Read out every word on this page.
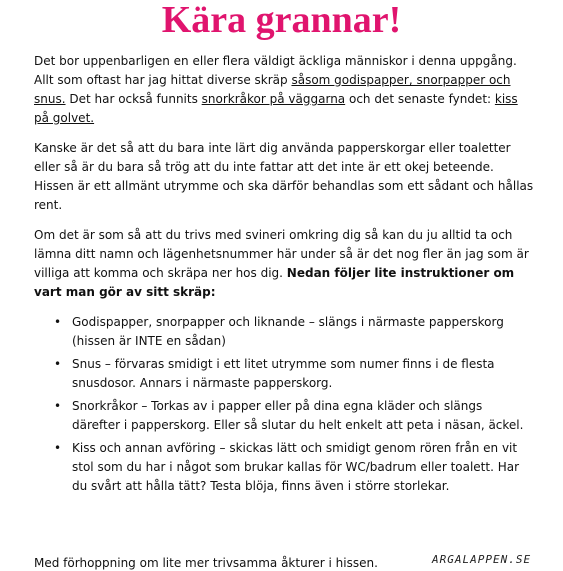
Kära grannar!

Det bor uppenbarligen en eller flera väldigt äckliga människor i denna uppgång. Allt som oftast har jag hittat diverse skräp såsom godispapper, snorpapper och snus. Det har också funnits snorkråkor på väggarna och det senaste fyndet: kiss på golvet.

Kanske är det så att du bara inte lärt dig använda papperskorgar eller toaletter eller så är du bara så trög att du inte fattar att det inte är ett okej beteende. Hissen är ett allmänt utrymme och ska därför behandlas som ett sådant och hållas rent.

Om det är som så att du trivs med svineri omkring dig så kan du ju alltid ta och lämna ditt namn och lägenhetsnummer här under så är det nog fler än jag som är villiga att komma och skräpa ner hos dig. Nedan följer lite instruktioner om vart man gör av sitt skräp:

• Godispapper, snorpapper och liknande – slängs i närmaste papperskorg (hissen är INTE en sådan)
• Snus – förvaras smidigt i ett litet utrymme som numer finns i de flesta snusdosor. Annars i närmaste papperskorg.
• Snorkråkor – Torkas av i papper eller på dina egna kläder och slängs därefter i papperskorg. Eller så slutar du helt enkelt att peta i näsan, äckel.
• Kiss och annan avföring – skickas lätt och smidigt genom rören från en vit stol som du har i något som brukar kallas för WC/badrum eller toalett. Har du svårt att hålla tätt? Testa blöja, finns även i större storlekar.
Med förhoppning om lite mer trivsamma åkturer i hissen.	ARGALAPPEN.SE
